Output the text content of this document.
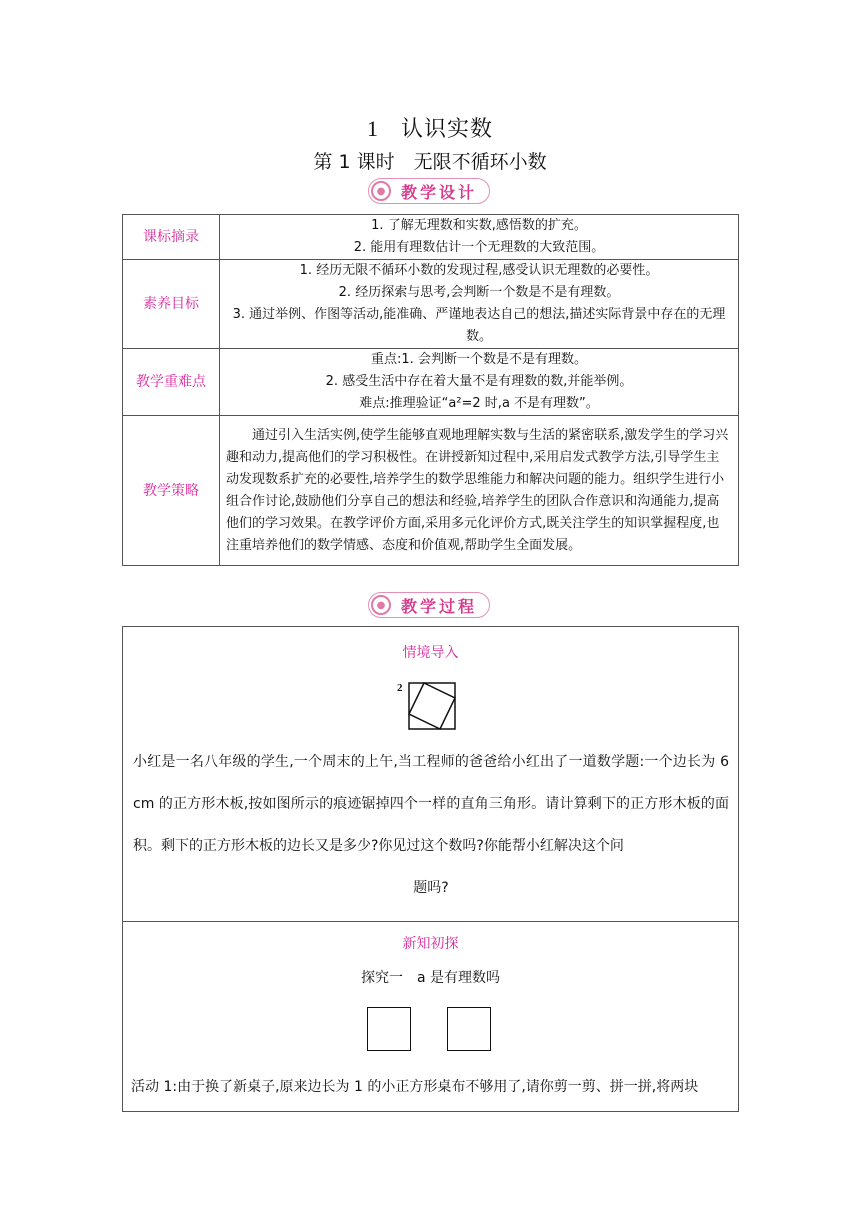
1 认识实数
第 1 课时　无限不循环小数
● 教学设计
课标摘录	1. 了解无理数和实数,感悟数的扩充。
2. 能用有理数估计一个无理数的大致范围。

素养目标	1. 经历无限不循环小数的发现过程,感受认识无理数的必要性。
2. 经历探索与思考,会判断一个数是不是有理数。
3. 通过举例、作图等活动,能准确、严谨地表达自己的想法,描述实际背景中存在的无理数。

教学重难点	重点:1. 会判断一个数是不是有理数。
2. 感受生活中存在着大量不是有理数的数,并能举例。
难点:推理验证“a²=2 时,a 不是有理数”。

教学策略	通过引入生活实例,使学生能够直观地理解实数与生活的紧密联系,激发学生的学习兴趣和动力,提高他们的学习积极性。在讲授新知过程中,采用启发式教学方法,引导学生主动发现数系扩充的必要性,培养学生的数学思维能力和解决问题的能力。组织学生进行小组合作讨论,鼓励他们分享自己的想法和经验,培养学生的团队合作意识和沟通能力,提高他们的学习效果。在教学评价方面,采用多元化评价方式,既关注学生的知识掌握程度,也注重培养他们的数学情感、态度和价值观,帮助学生全面发展。
● 教学过程
情境导入
2
小红是一名八年级的学生,一个周末的上午,当工程师的爸爸给小红出了一道数学题:一个边长为 6 cm 的正方形木板,按如图所示的痕迹锯掉四个一样的直角三角形。请计算剩下的正方形木板的面积。剩下的正方形木板的边长又是多少?你见过这个数吗?你能帮小红解决这个问
题吗?
新知初探
探究一　a 是有理数吗
活动 1:由于换了新桌子,原来边长为 1 的小正方形桌布不够用了,请你剪一剪、拼一拼,将两块
